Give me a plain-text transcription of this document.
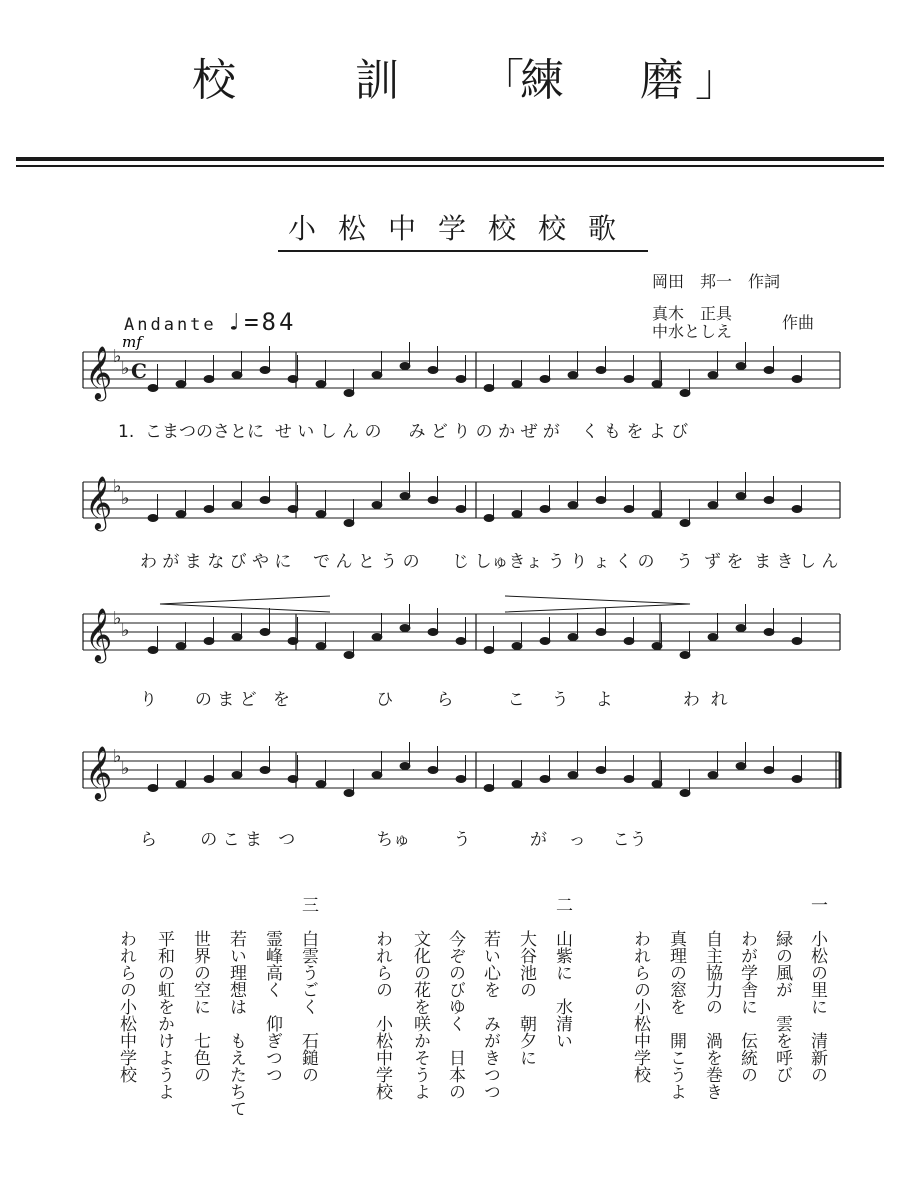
校	訓 「
練 磨 」
小松中学校校歌
岡田　邦一　作詞
真木　正具
中水としえ	作曲
Andante ♩=84
𝄞 ♭
♭ C
𝄞 ♭
♭
𝄞 ♭
♭
𝄞 ♭
♭
mf
1.  こまつのさとに  せ い し ん の     み ど り の か ぜ が    く も を よ び
わ が ま な び や に    で ん と う の      じ しゅきょ う り ょ く の    う  ず を  ま き し ん
り       の ま ど   を                ひ        ら          こ     う     よ             わ  れ
ら        の こ ま   つ               ちゅ        う           が    っ     こう
一
小松の里に　清新の
緑の風が　雲を呼び
わが学舎に　伝統の
自主協力の　渦を巻き
真理の窓を　開こうよ
われらの小松中学校
二
山紫に　水清い
大谷池の　朝夕に
若い心を　みがきつつ
今ぞのびゆく　日本の
文化の花を咲かそうよ
われらの　小松中学校
三
白雲うごく　石鎚の
霊峰高く　仰ぎつつ
若い理想は　もえたちて
世界の空に　七色の
平和の虹をかけようよ
われらの小松中学校
